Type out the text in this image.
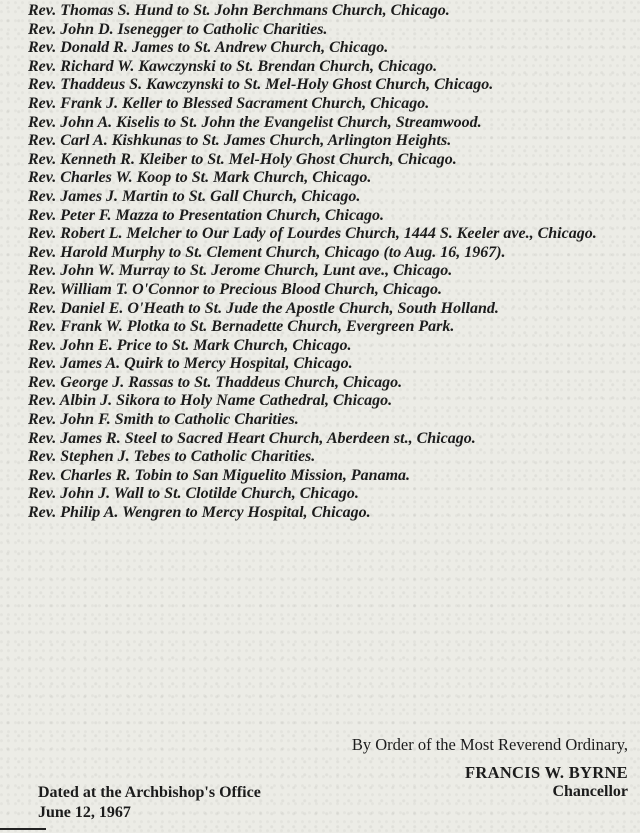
Rev. Thomas S. Hund to St. John Berchmans Church, Chicago.
Rev. John D. Isenegger to Catholic Charities.
Rev. Donald R. James to St. Andrew Church, Chicago.
Rev. Richard W. Kawczynski to St. Brendan Church, Chicago.
Rev. Thaddeus S. Kawczynski to St. Mel-Holy Ghost Church, Chicago.
Rev. Frank J. Keller to Blessed Sacrament Church, Chicago.
Rev. John A. Kiselis to St. John the Evangelist Church, Streamwood.
Rev. Carl A. Kishkunas to St. James Church, Arlington Heights.
Rev. Kenneth R. Kleiber to St. Mel-Holy Ghost Church, Chicago.
Rev. Charles W. Koop to St. Mark Church, Chicago.
Rev. James J. Martin to St. Gall Church, Chicago.
Rev. Peter F. Mazza to Presentation Church, Chicago.
Rev. Robert L. Melcher to Our Lady of Lourdes Church, 1444 S. Keeler ave., Chicago.
Rev. Harold Murphy to St. Clement Church, Chicago (to Aug. 16, 1967).
Rev. John W. Murray to St. Jerome Church, Lunt ave., Chicago.
Rev. William T. O'Connor to Precious Blood Church, Chicago.
Rev. Daniel E. O'Heath to St. Jude the Apostle Church, South Holland.
Rev. Frank W. Plotka to St. Bernadette Church, Evergreen Park.
Rev. John E. Price to St. Mark Church, Chicago.
Rev. James A. Quirk to Mercy Hospital, Chicago.
Rev. George J. Rassas to St. Thaddeus Church, Chicago.
Rev. Albin J. Sikora to Holy Name Cathedral, Chicago.
Rev. John F. Smith to Catholic Charities.
Rev. James R. Steel to Sacred Heart Church, Aberdeen st., Chicago.
Rev. Stephen J. Tebes to Catholic Charities.
Rev. Charles R. Tobin to San Miguelito Mission, Panama.
Rev. John J. Wall to St. Clotilde Church, Chicago.
Rev. Philip A. Wengren to Mercy Hospital, Chicago.
By Order of the Most Reverend Ordinary,
FRANCIS W. BYRNE
Chancellor
Dated at the Archbishop's Office
June 12, 1967
